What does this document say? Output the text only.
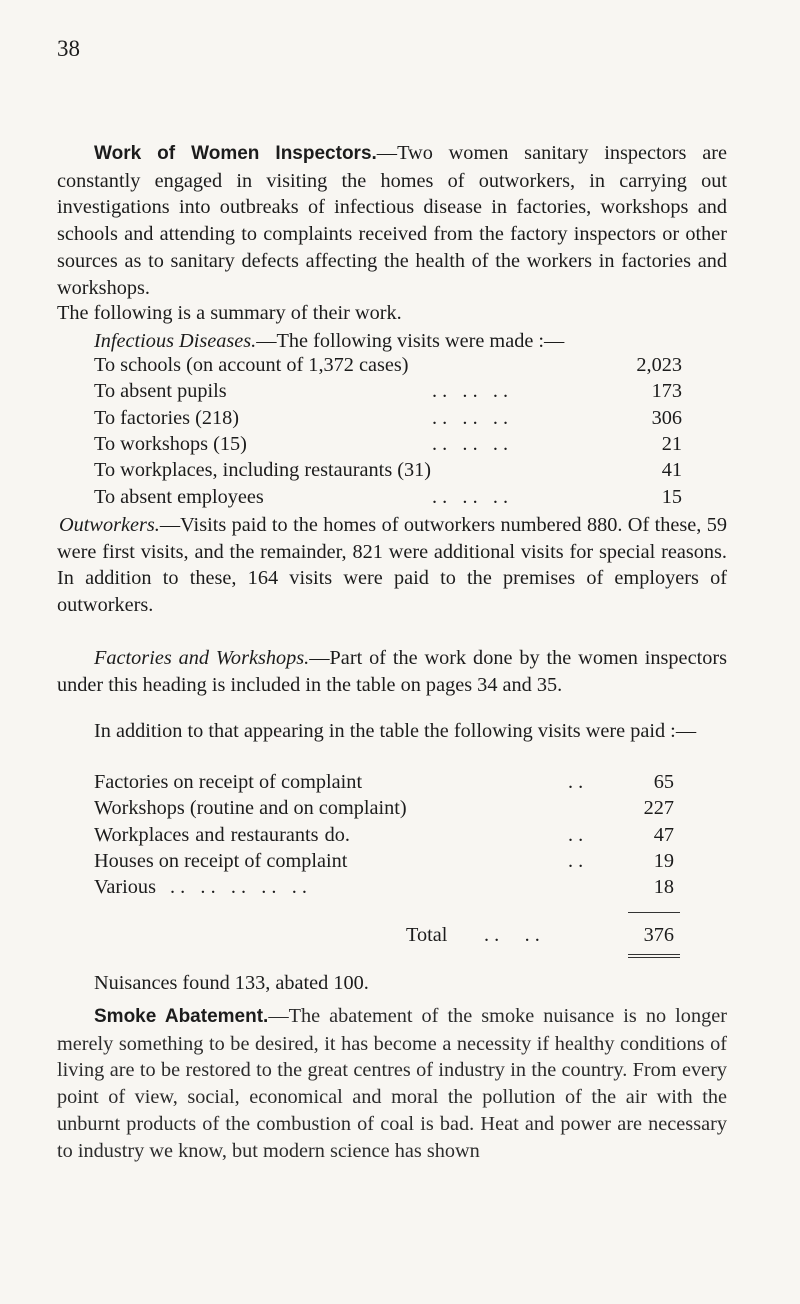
38
Work of Women Inspectors.—Two women sanitary inspectors are constantly engaged in visiting the homes of outworkers, in carrying out investigations into outbreaks of infectious disease in factories, workshops and schools and attending to complaints received from the factory inspectors or other sources as to sanitary defects affecting the health of the workers in factories and workshops.
The following is a summary of their work.
Infectious Diseases.—The following visits were made :—
To schools (on account of 1,372 cases)	2,023
To absent pupils	. .   . .   . .	173
To factories (218)	. .   . .   . .	306
To workshops (15)	. .   . .   . .	21
To workplaces, including restaurants (31)	41
To absent employees	. .   . .   . .	15
Outworkers.—Visits paid to the homes of outworkers numbered 880. Of these, 59 were first visits, and the remainder, 821 were additional visits for special reasons. In addition to these, 164 visits were paid to the premises of employers of outworkers.
Factories and Workshops.—Part of the work done by the women inspectors under this heading is included in the table on pages 34 and 35.
In addition to that appearing in the table the following visits were paid :—
Factories on receipt of complaint	. .	65
Workshops (routine and on complaint)	227
Workplaces and restaurants do.	. .	47
Houses on receipt of complaint	. .	19
Various . .   . .   . .   . .   . .	18
Total . .     . .	376
Nuisances found 133, abated 100.
Smoke Abatement.—The abatement of the smoke nuisance is no longer merely something to be desired, it has become a necessity if healthy conditions of living are to be restored to the great centres of industry in the country. From every point of view, social, economical and moral the pollution of the air with the unburnt products of the combustion of coal is bad. Heat and power are necessary to industry we know, but modern science has shown
